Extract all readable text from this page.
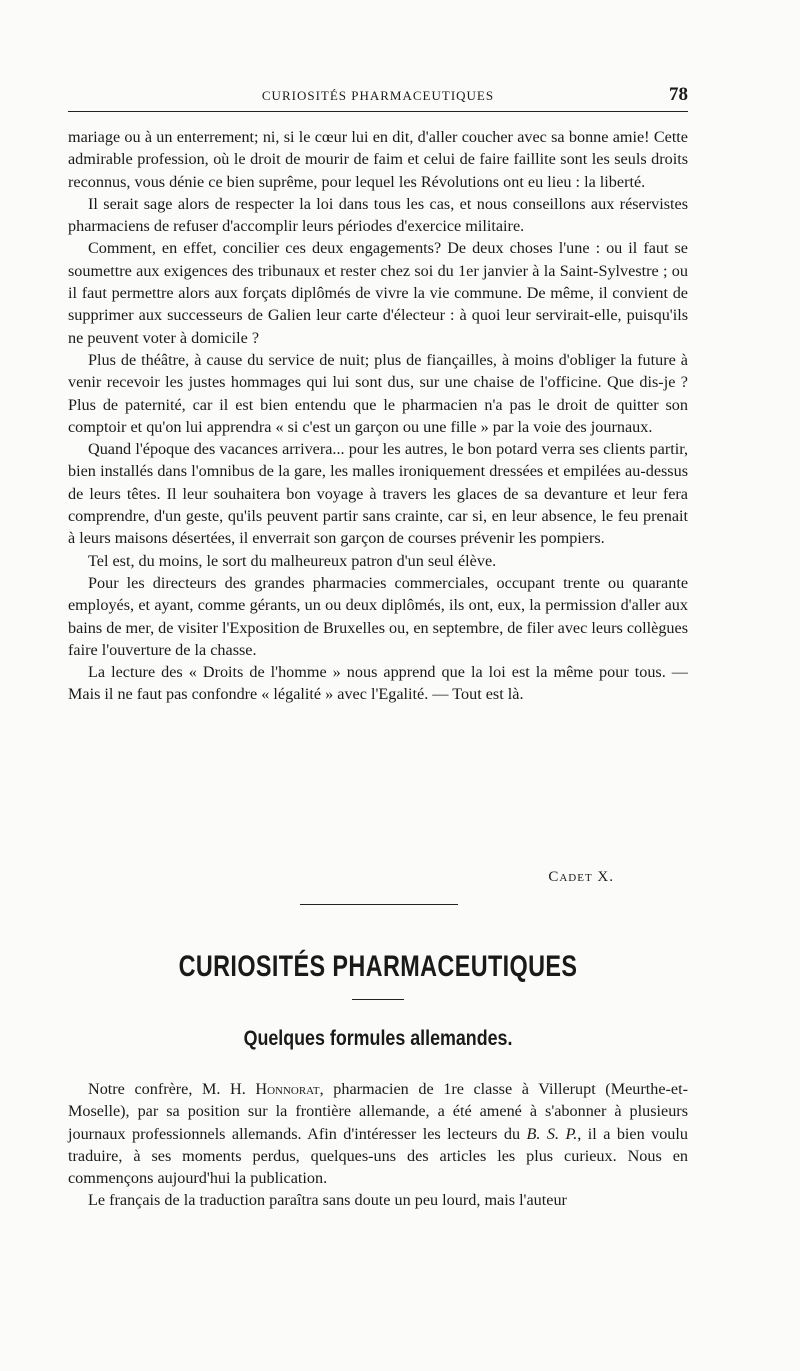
CURIOSITÉS PHARMACEUTIQUES	78

mariage ou à un enterrement; ni, si le cœur lui en dit, d'aller coucher avec sa bonne amie! Cette admirable profession, où le droit de mourir de faim et celui de faire faillite sont les seuls droits reconnus, vous dénie ce bien suprême, pour lequel les Révolutions ont eu lieu : la liberté.

Il serait sage alors de respecter la loi dans tous les cas, et nous conseillons aux réservistes pharmaciens de refuser d'accomplir leurs périodes d'exercice militaire.

Comment, en effet, concilier ces deux engagements? De deux choses l'une : ou il faut se soumettre aux exigences des tribunaux et rester chez soi du 1er janvier à la Saint-Sylvestre ; ou il faut permettre alors aux forçats diplômés de vivre la vie commune. De même, il convient de supprimer aux successeurs de Galien leur carte d'électeur : à quoi leur servirait-elle, puisqu'ils ne peuvent voter à domicile ?

Plus de théâtre, à cause du service de nuit; plus de fiançailles, à moins d'obliger la future à venir recevoir les justes hommages qui lui sont dus, sur une chaise de l'officine. Que dis-je ? Plus de paternité, car il est bien entendu que le pharmacien n'a pas le droit de quitter son comptoir et qu'on lui apprendra « si c'est un garçon ou une fille » par la voie des journaux.

Quand l'époque des vacances arrivera... pour les autres, le bon potard verra ses clients partir, bien installés dans l'omnibus de la gare, les malles ironiquement dressées et empilées au-dessus de leurs têtes. Il leur souhaitera bon voyage à travers les glaces de sa devanture et leur fera comprendre, d'un geste, qu'ils peuvent partir sans crainte, car si, en leur absence, le feu prenait à leurs maisons désertées, il enverrait son garçon de courses prévenir les pompiers.

Tel est, du moins, le sort du malheureux patron d'un seul élève.

Pour les directeurs des grandes pharmacies commerciales, occupant trente ou quarante employés, et ayant, comme gérants, un ou deux diplômés, ils ont, eux, la permission d'aller aux bains de mer, de visiter l'Exposition de Bruxelles ou, en septembre, de filer avec leurs collègues faire l'ouverture de la chasse.

La lecture des « Droits de l'homme » nous apprend que la loi est la même pour tous. — Mais il ne faut pas confondre « légalité » avec l'Egalité. — Tout est là.

Cadet X.
CURIOSITÉS PHARMACEUTIQUES
Quelques formules allemandes.

Notre confrère, M. H. Honnorat, pharmacien de 1re classe à Villerupt (Meurthe-et-Moselle), par sa position sur la frontière allemande, a été amené à s'abonner à plusieurs journaux professionnels allemands. Afin d'intéresser les lecteurs du B. S. P., il a bien voulu traduire, à ses moments perdus, quelques-uns des articles les plus curieux. Nous en commençons aujourd'hui la publication.

Le français de la traduction paraîtra sans doute un peu lourd, mais l'auteur
